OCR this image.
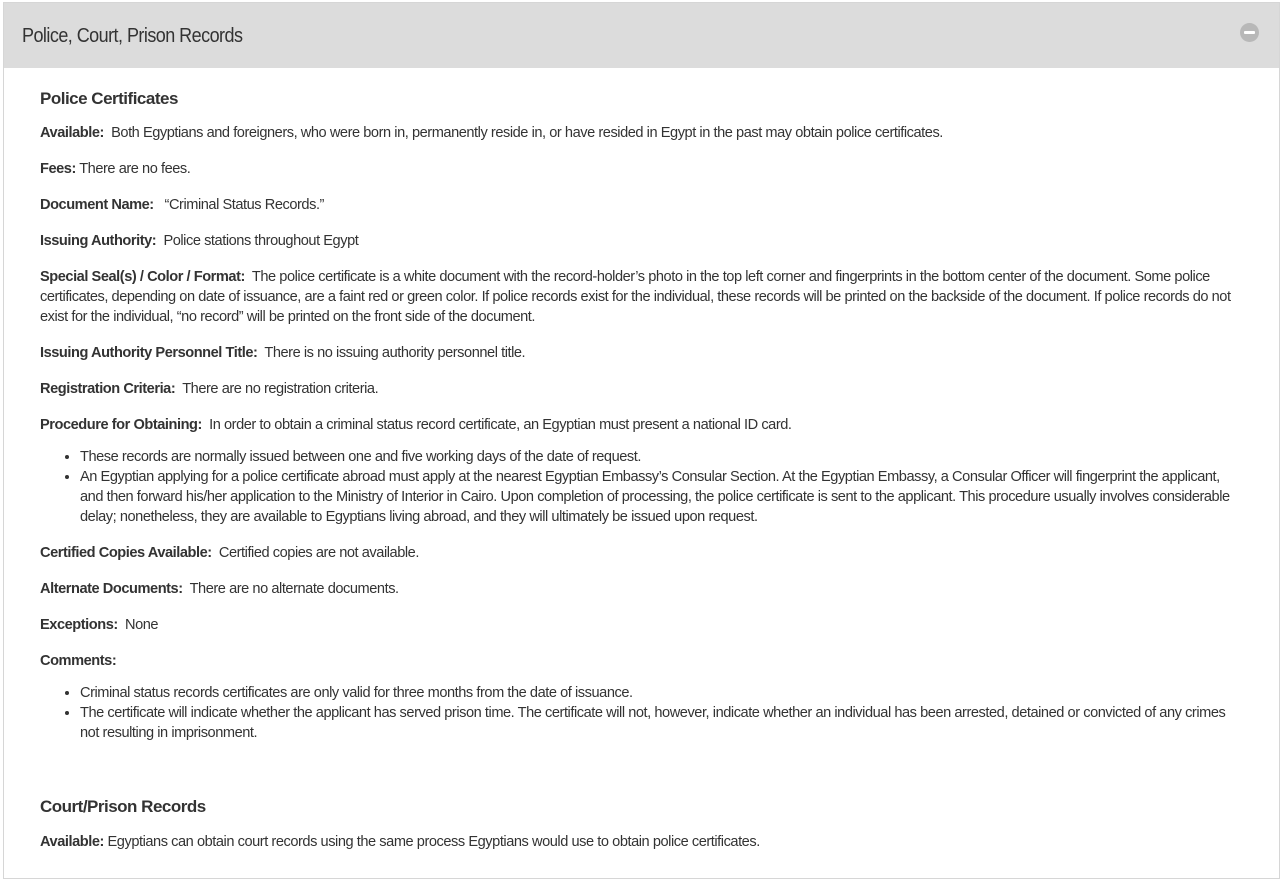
Police, Court, Prison Records
Police Certificates

Available: Both Egyptians and foreigners, who were born in, permanently reside in, or have resided in Egypt in the past may obtain police certificates.

Fees: There are no fees.

Document Name: “Criminal Status Records.”

Issuing Authority: Police stations throughout Egypt

Special Seal(s) / Color / Format: The police certificate is a white document with the record-holder’s photo in the top left corner and fingerprints in the bottom center of the document. Some police certificates, depending on date of issuance, are a faint red or green color. If police records exist for the individual, these records will be printed on the backside of the document. If police records do not exist for the individual, “no record” will be printed on the front side of the document.

Issuing Authority Personnel Title: There is no issuing authority personnel title.

Registration Criteria: There are no registration criteria.

Procedure for Obtaining: In order to obtain a criminal status record certificate, an Egyptian must present a national ID card.

• These records are normally issued between one and five working days of the date of request.
• An Egyptian applying for a police certificate abroad must apply at the nearest Egyptian Embassy’s Consular Section. At the Egyptian Embassy, a Consular Officer will fingerprint the applicant, and then forward his/her application to the Ministry of Interior in Cairo. Upon completion of processing, the police certificate is sent to the applicant. This procedure usually involves considerable delay; nonetheless, they are available to Egyptians living abroad, and they will ultimately be issued upon request.

Certified Copies Available: Certified copies are not available.

Alternate Documents: There are no alternate documents.

Exceptions: None

Comments:

• Criminal status records certificates are only valid for three months from the date of issuance.
• The certificate will indicate whether the applicant has served prison time. The certificate will not, however, indicate whether an individual has been arrested, detained or convicted of any crimes not resulting in imprisonment.
Court/Prison Records

Available: Egyptians can obtain court records using the same process Egyptians would use to obtain police certificates.
